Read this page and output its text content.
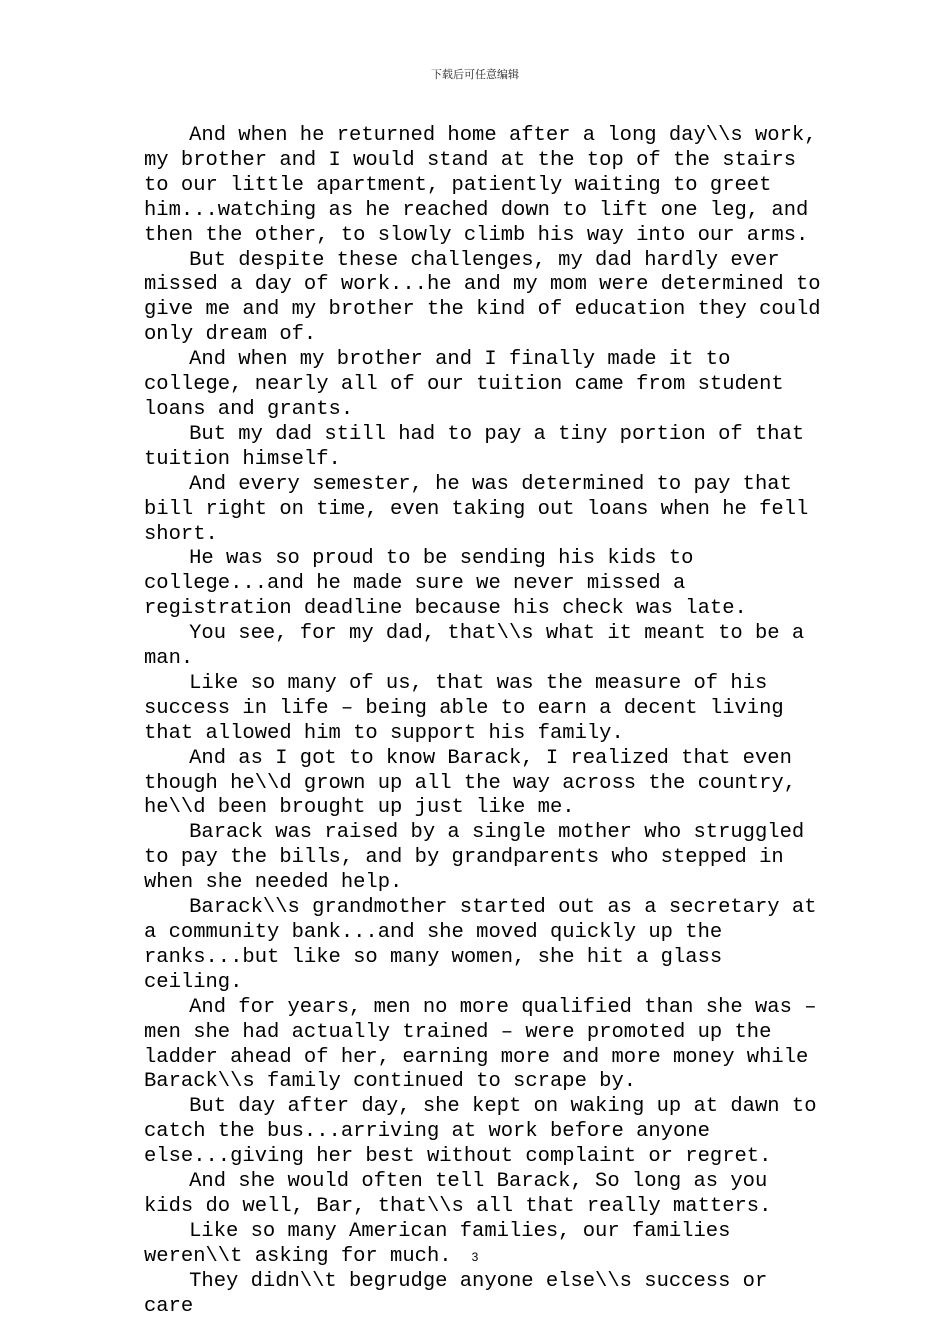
下载后可任意编辑

And when he returned home after a long day\\s work, my brother and I would stand at the top of the stairs to our little apartment, patiently waiting to greet him...watching as he reached down to lift one leg, and then the other, to slowly climb his way into our arms.

But despite these challenges, my dad hardly ever missed a day of work...he and my mom were determined to give me and my brother the kind of education they could only dream of.

And when my brother and I finally made it to college, nearly all of our tuition came from student loans and grants.

But my dad still had to pay a tiny portion of that tuition himself.

And every semester, he was determined to pay that bill right on time, even taking out loans when he fell short.

He was so proud to be sending his kids to college...and he made sure we never missed a registration deadline because his check was late.

You see, for my dad, that\\s what it meant to be a man.

Like so many of us, that was the measure of his success in life – being able to earn a decent living that allowed him to support his family.

And as I got to know Barack, I realized that even though he\\d grown up all the way across the country, he\\d been brought up just like me.

Barack was raised by a single mother who struggled to pay the bills, and by grandparents who stepped in when she needed help.

Barack\\s grandmother started out as a secretary at a community bank...and she moved quickly up the ranks...but like so many women, she hit a glass ceiling.

And for years, men no more qualified than she was – men she had actually trained – were promoted up the ladder ahead of her, earning more and more money while Barack\\s family continued to scrape by.

But day after day, she kept on waking up at dawn to catch the bus...arriving at work before anyone else...giving her best without complaint or regret.

And she would often tell Barack, So long as you kids do well, Bar, that\\s all that really matters.

Like so many American families, our families weren\\t asking for much.

They didn\\t begrudge anyone else\\s success or care

3
